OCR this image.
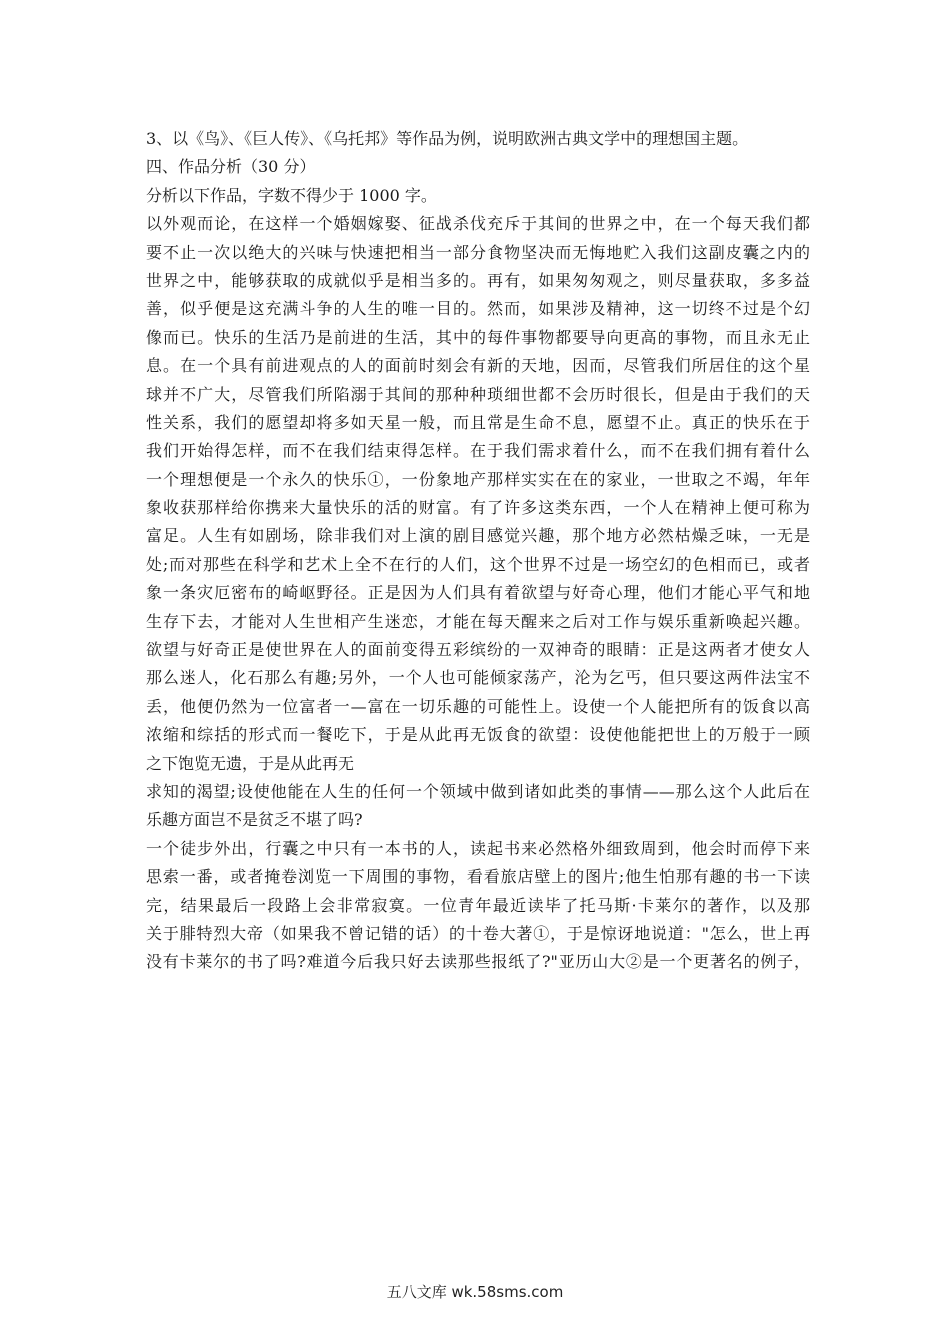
3、以《鸟》、《巨人传》、《乌托邦》等作品为例，说明欧洲古典文学中的理想国主题。
四、作品分析（30 分）
分析以下作品，字数不得少于 1000 字。
以外观而论，在这样一个婚姻嫁娶、征战杀伐充斥于其间的世界之中，在一个每天我们都
要不止一次以绝大的兴味与快速把相当一部分食物坚决而无悔地贮入我们这副皮囊之内的
世界之中，能够获取的成就似乎是相当多的。再有，如果匆匆观之，则尽量获取，多多益
善，似乎便是这充满斗争的人生的唯一目的。然而，如果涉及精神，这一切终不过是个幻
像而已。快乐的生活乃是前进的生活，其中的每件事物都要导向更高的事物，而且永无止
息。在一个具有前进观点的人的面前时刻会有新的天地，因而，尽管我们所居住的这个星
球并不广大，尽管我们所陷溺于其间的那种种琐细世都不会历时很长，但是由于我们的天
性关系，我们的愿望却将多如天星一般，而且常是生命不息，愿望不止。真正的快乐在于
我们开始得怎样，而不在我们结束得怎样。在于我们需求着什么，而不在我们拥有着什么
一个理想便是一个永久的快乐①，一份象地产那样实实在在的家业，一世取之不竭，年年
象收获那样给你携来大量快乐的活的财富。有了许多这类东西，一个人在精神上便可称为
富足。人生有如剧场，除非我们对上演的剧目感觉兴趣，那个地方必然枯燥乏味，一无是
处;而对那些在科学和艺术上全不在行的人们，这个世界不过是一场空幻的色相而已，或者
象一条灾厄密布的崎岖野径。正是因为人们具有着欲望与好奇心理，他们才能心平气和地
生存下去，才能对人生世相产生迷恋，才能在每天醒来之后对工作与娱乐重新唤起兴趣。
欲望与好奇正是使世界在人的面前变得五彩缤纷的一双神奇的眼睛：正是这两者才使女人
那么迷人，化石那么有趣;另外，一个人也可能倾家荡产，沦为乞丐，但只要这两件法宝不
丢，他便仍然为一位富者一—富在一切乐趣的可能性上。设使一个人能把所有的饭食以高
浓缩和综括的形式而一餐吃下，于是从此再无饭食的欲望：设使他能把世上的万般于一顾
之下饱览无遗，于是从此再无
求知的渴望;设使他能在人生的任何一个领域中做到诸如此类的事情——那么这个人此后在
乐趣方面岂不是贫乏不堪了吗?
一个徒步外出，行囊之中只有一本书的人，读起书来必然格外细致周到，他会时而停下来
思索一番，或者掩卷浏览一下周围的事物，看看旅店壁上的图片;他生怕那有趣的书一下读
完，结果最后一段路上会非常寂寞。一位青年最近读毕了托马斯·卡莱尔的著作，以及那
关于腓特烈大帝（如果我不曾记错的话）的十卷大著①，于是惊讶地说道："怎么，世上再
没有卡莱尔的书了吗?难道今后我只好去读那些报纸了?"亚历山大②是一个更著名的例子，
五八文库 wk.58sms.com
